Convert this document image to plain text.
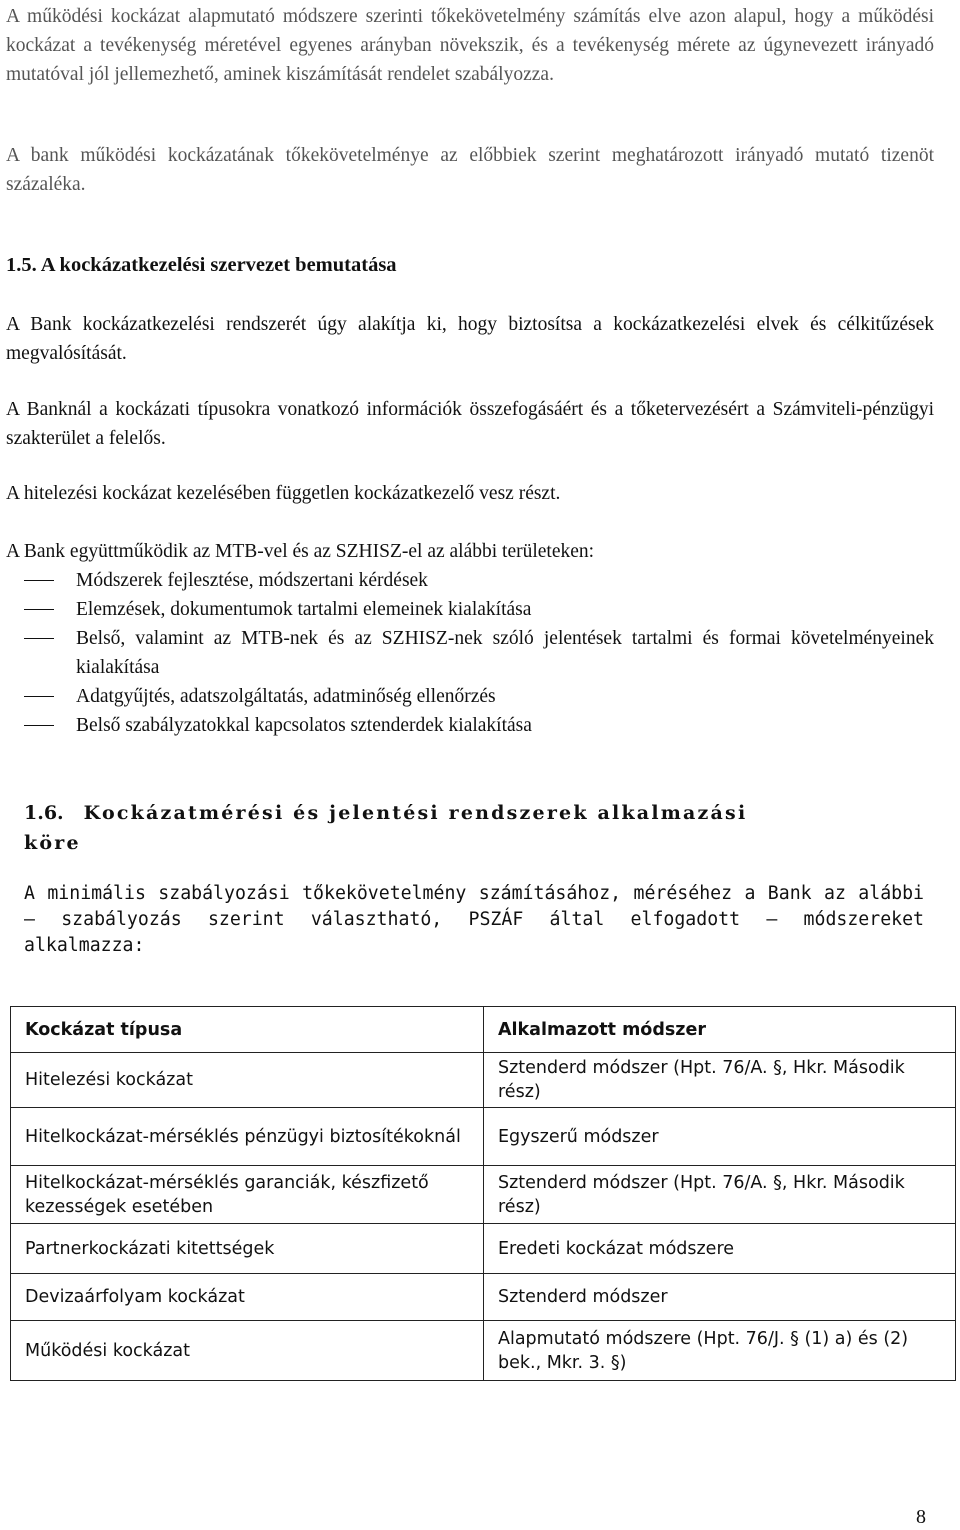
A működési kockázat alapmutató módszere szerinti tőkekövetelmény számítás elve azon alapul, hogy a működési kockázat a tevékenység méretével egyenes arányban növekszik, és a tevékenység mérete az úgynevezett irányadó mutatóval jól jellemezhető, aminek kiszámítását rendelet szabályozza.

A bank működési kockázatának tőkekövetelménye az előbbiek szerint meghatározott irányadó mutató tizenöt százaléka.

1.5. A kockázatkezelési szervezet bemutatása

A Bank kockázatkezelési rendszerét úgy alakítja ki, hogy biztosítsa a kockázatkezelési elvek és célkitűzések megvalósítását.

A Banknál a kockázati típusokra vonatkozó információk összefogásáért és a tőketervezésért a Számviteli-pénzügyi szakterület a felelős.

A hitelezési kockázat kezelésében független kockázatkezelő vesz részt.

A Bank együttműködik az MTB-vel és az SZHISZ-el az alábbi területeken:

Módszerek fejlesztése, módszertani kérdések
Elemzések, dokumentumok tartalmi elemeinek kialakítása
Belső, valamint az MTB-nek és az SZHISZ-nek szóló jelentések tartalmi és formai követelményeinek kialakítása
Adatgyűjtés, adatszolgáltatás, adatminőség ellenőrzés
Belső szabályzatokkal kapcsolatos sztenderdek kialakítása
1.6. Kockázatmérési és jelentési rendszerek alkalmazási köre

A minimális szabályozási tőkekövetelmény számításához, méréséhez a Bank az alábbi – szabályozás szerint választható, PSZÁF által elfogadott – módszereket alkalmazza:

Kockázat típusa	Alkalmazott módszer
Hitelezési kockázat	Sztenderd módszer (Hpt. 76/A. §, Hkr. Második rész)
Hitelkockázat-mérséklés pénzügyi biztosítékoknál	Egyszerű módszer
Hitelkockázat-mérséklés garanciák, készfizető kezességek esetében	Sztenderd módszer (Hpt. 76/A. §, Hkr. Második rész)
Partnerkockázati kitettségek	Eredeti kockázat módszere
Devizaárfolyam kockázat	Sztenderd módszer
Működési kockázat	Alapmutató módszere (Hpt. 76/J. § (1) a) és (2) bek., Mkr. 3. §)
8
